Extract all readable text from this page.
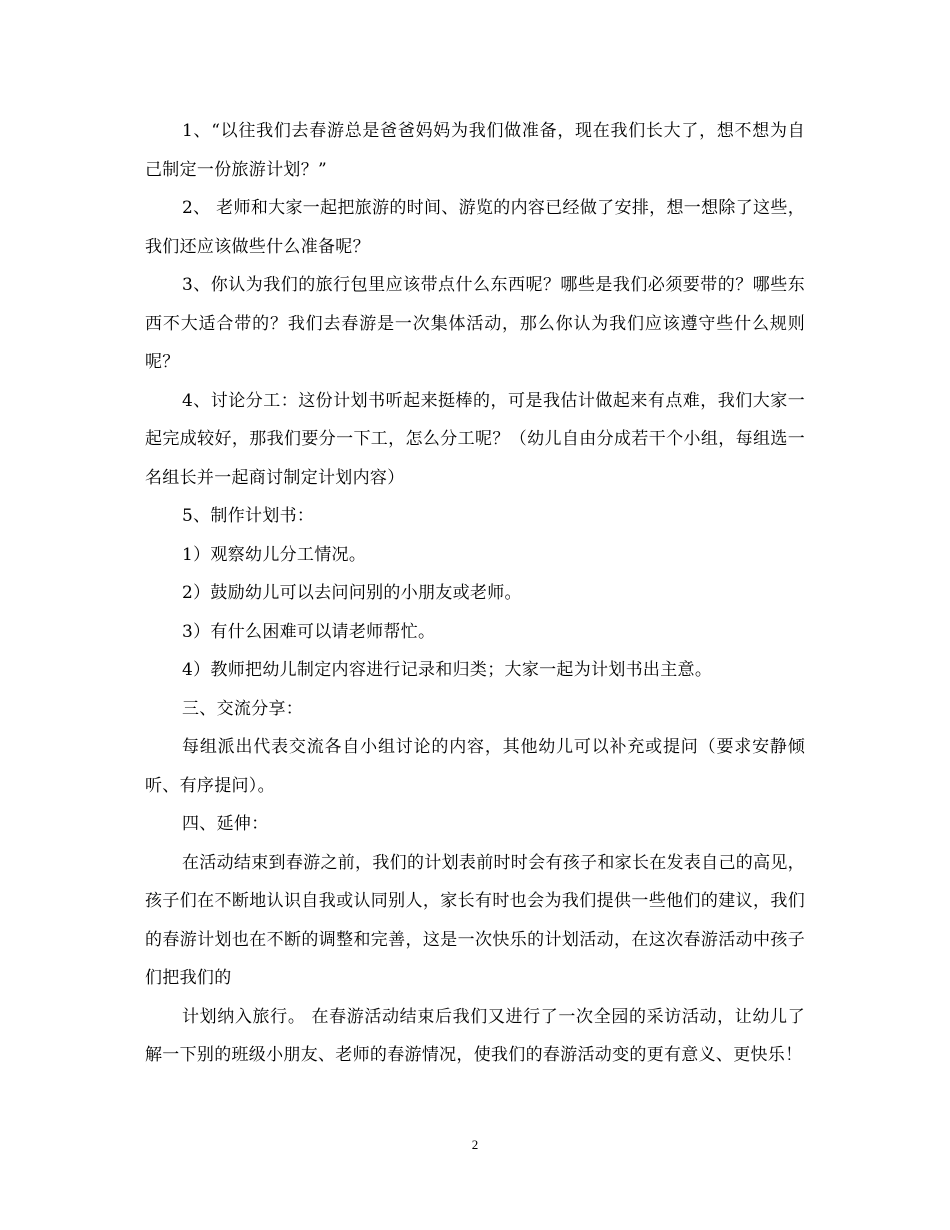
1、“以往我们去春游总是爸爸妈妈为我们做准备，现在我们长大了，想不想为自己制定一份旅游计划？”

2、 老师和大家一起把旅游的时间、游览的内容已经做了安排，想一想除了这些，我们还应该做些什么准备呢？

3、你认为我们的旅行包里应该带点什么东西呢？哪些是我们必须要带的？哪些东西不大适合带的？我们去春游是一次集体活动，那么你认为我们应该遵守些什么规则呢？

4、讨论分工：这份计划书听起来挺棒的，可是我估计做起来有点难，我们大家一起完成较好，那我们要分一下工，怎么分工呢？（幼儿自由分成若干个小组，每组选一名组长并一起商讨制定计划内容）

5、制作计划书：

1）观察幼儿分工情况。

2）鼓励幼儿可以去问问别的小朋友或老师。

3）有什么困难可以请老师帮忙。

4）教师把幼儿制定内容进行记录和归类；大家一起为计划书出主意。

三、交流分享：

每组派出代表交流各自小组讨论的内容，其他幼儿可以补充或提问（要求安静倾听、有序提问）。

四、延伸：

在活动结束到春游之前，我们的计划表前时时会有孩子和家长在发表自己的高见，孩子们在不断地认识自我或认同别人，家长有时也会为我们提供一些他们的建议，我们的春游计划也在不断的调整和完善，这是一次快乐的计划活动，在这次春游活动中孩子们把我们的

计划纳入旅行。 在春游活动结束后我们又进行了一次全园的采访活动，让幼儿了解一下别的班级小朋友、老师的春游情况，使我们的春游活动变的更有意义、更快乐！

2
